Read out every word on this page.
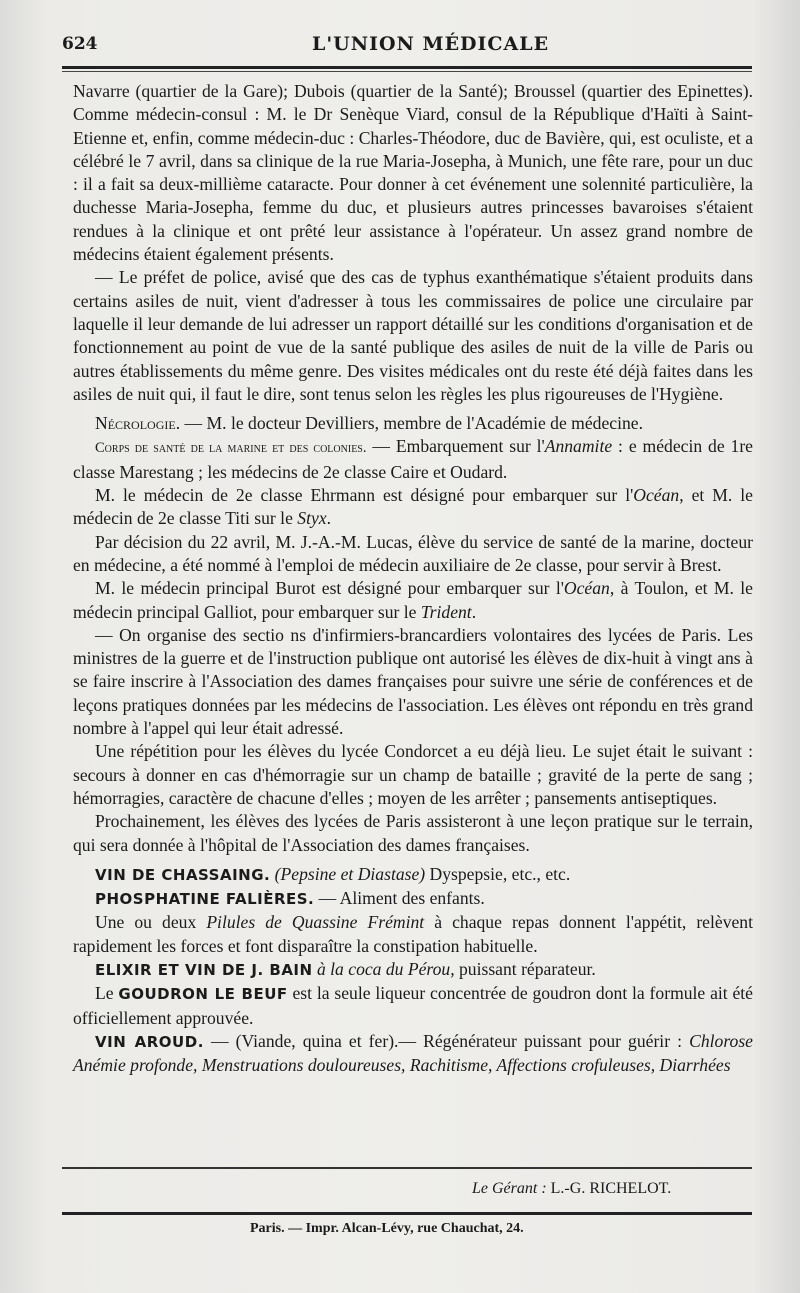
624	L'UNION MÉDICALE

Navarre (quartier de la Gare); Dubois (quartier de la Santé); Broussel (quartier des Epinettes). Comme médecin-consul : M. le Dr Senèque Viard, consul de la République d'Haïti à Saint-Etienne et, enfin, comme médecin-duc : Charles-Théodore, duc de Bavière, qui, est oculiste, et a célébré le 7 avril, dans sa clinique de la rue Maria-Josepha, à Munich, une fête rare, pour un duc : il a fait sa deux-millième cataracte. Pour donner à cet événement une solennité particulière, la duchesse Maria-Josepha, femme du duc, et plusieurs autres princesses bavaroises s'étaient rendues à la clinique et ont prêté leur assistance à l'opérateur. Un assez grand nombre de médecins étaient également présents.

— Le préfet de police, avisé que des cas de typhus exanthématique s'étaient produits dans certains asiles de nuit, vient d'adresser à tous les commissaires de police une circulaire par laquelle il leur demande de lui adresser un rapport détaillé sur les conditions d'organisation et de fonctionnement au point de vue de la santé publique des asiles de nuit de la ville de Paris ou autres établissements du même genre. Des visites médicales ont du reste été déjà faites dans les asiles de nuit qui, il faut le dire, sont tenus selon les règles les plus rigoureuses de l'Hygiène.

Nécrologie. — M. le docteur Devilliers, membre de l'Académie de médecine.

Corps de santé de la marine et des colonies. — Embarquement sur l'Annamite : e médecin de 1re classe Marestang ; les médecins de 2e classe Caire et Oudard.

M. le médecin de 2e classe Ehrmann est désigné pour embarquer sur l'Océan, et M. le médecin de 2e classe Titi sur le Styx.

Par décision du 22 avril, M. J.-A.-M. Lucas, élève du service de santé de la marine, docteur en médecine, a été nommé à l'emploi de médecin auxiliaire de 2e classe, pour servir à Brest.

M. le médecin principal Burot est désigné pour embarquer sur l'Océan, à Toulon, et M. le médecin principal Galliot, pour embarquer sur le Trident.

— On organise des sectio ns d'infirmiers-brancardiers volontaires des lycées de Paris. Les ministres de la guerre et de l'instruction publique ont autorisé les élèves de dix-huit à vingt ans à se faire inscrire à l'Association des dames françaises pour suivre une série de conférences et de leçons pratiques données par les médecins de l'association. Les élèves ont répondu en très grand nombre à l'appel qui leur était adressé.

Une répétition pour les élèves du lycée Condorcet a eu déjà lieu. Le sujet était le suivant : secours à donner en cas d'hémorragie sur un champ de bataille ; gravité de la perte de sang ; hémorragies, caractère de chacune d'elles ; moyen de les arrêter ; pansements antiseptiques.

Prochainement, les élèves des lycées de Paris assisteront à une leçon pratique sur le terrain, qui sera donnée à l'hôpital de l'Association des dames françaises.

VIN DE CHASSAING. (Pepsine et Diastase) Dyspepsie, etc., etc.

PHOSPHATINE FALIÈRES. — Aliment des enfants.

Une ou deux Pilules de Quassine Frémint à chaque repas donnent l'appétit, relèvent rapidement les forces et font disparaître la constipation habituelle.

ELIXIR ET VIN DE J. BAIN à la coca du Pérou, puissant réparateur.

Le GOUDRON LE BEUF est la seule liqueur concentrée de goudron dont la formule ait été officiellement approuvée.

VIN AROUD. — (Viande, quina et fer).— Régénérateur puissant pour guérir : Chlorose Anémie profonde, Menstruations douloureuses, Rachitisme, Affections crofuleuses, Diarrhées

Le Gérant : L.-G. RICHELOT.
Paris. — Impr. Alcan-Lévy, rue Chauchat, 24.
